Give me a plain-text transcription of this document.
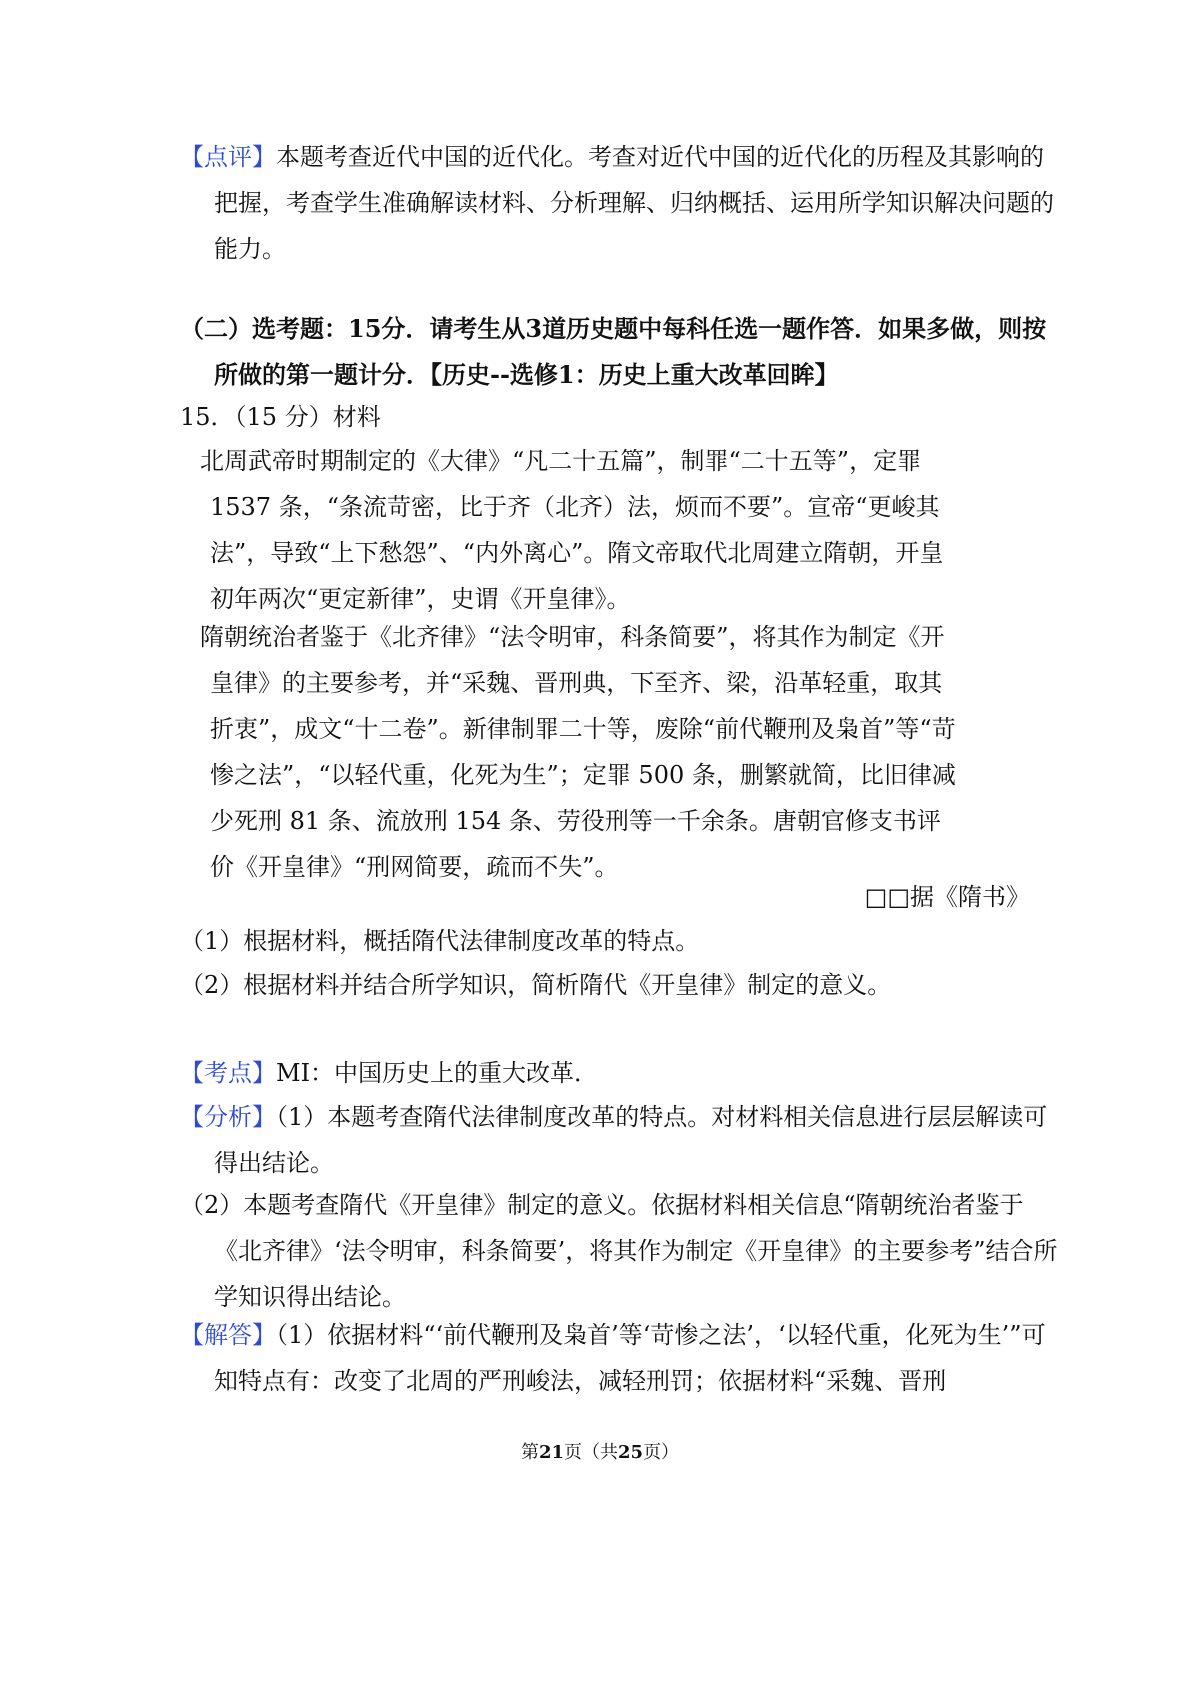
【点评】本题考查近代中国的近代化。考查对近代中国的近代化的历程及其影响的把握，考查学生准确解读材料、分析理解、归纳概括、运用所学知识解决问题的能力。
（二）选考题：15分．请考生从3道历史题中每科任选一题作答．如果多做，则按所做的第一题计分．【历史--选修1：历史上重大改革回眸】
15．（15 分）材料

北周武帝时期制定的《大律》“凡二十五篇”，制罪“二十五等”，定罪 1537 条，“条流苛密，比于齐（北齐）法，烦而不要”。宣帝“更峻其法”，导致“上下愁怨”、“内外离心”。隋文帝取代北周建立隋朝，开皇初年两次“更定新律”，史谓《开皇律》。

隋朝统治者鉴于《北齐律》“法令明审，科条简要”，将其作为制定《开皇律》的主要参考，并“采魏、晋刑典，下至齐、梁，沿革轻重，取其折衷”，成文“十二卷”。新律制罪二十等，废除“前代鞭刑及枭首”等“苛惨之法”，“以轻代重，化死为生”；定罪 500 条，删繁就简，比旧律减少死刑 81 条、流放刑 154 条、劳役刑等一千余条。唐朝官修支书评价《开皇律》“刑网简要，疏而不失”。

□□据《隋书》
（1）根据材料，概括隋代法律制度改革的特点。
（2）根据材料并结合所学知识，简析隋代《开皇律》制定的意义。
【考点】MI：中国历史上的重大改革．
【分析】（1）本题考查隋代法律制度改革的特点。对材料相关信息进行层层解读可得出结论。
（2）本题考查隋代《开皇律》制定的意义。依据材料相关信息“隋朝统治者鉴于《北齐律》‘法令明审，科条简要’，将其作为制定《开皇律》的主要参考”结合所学知识得出结论。
【解答】（1）依据材料“‘前代鞭刑及枭首’等‘苛惨之法’，‘以轻代重，化死为生’”可知特点有：改变了北周的严刑峻法，减轻刑罚；依据材料“采魏、晋刑
第21页（共25页）
